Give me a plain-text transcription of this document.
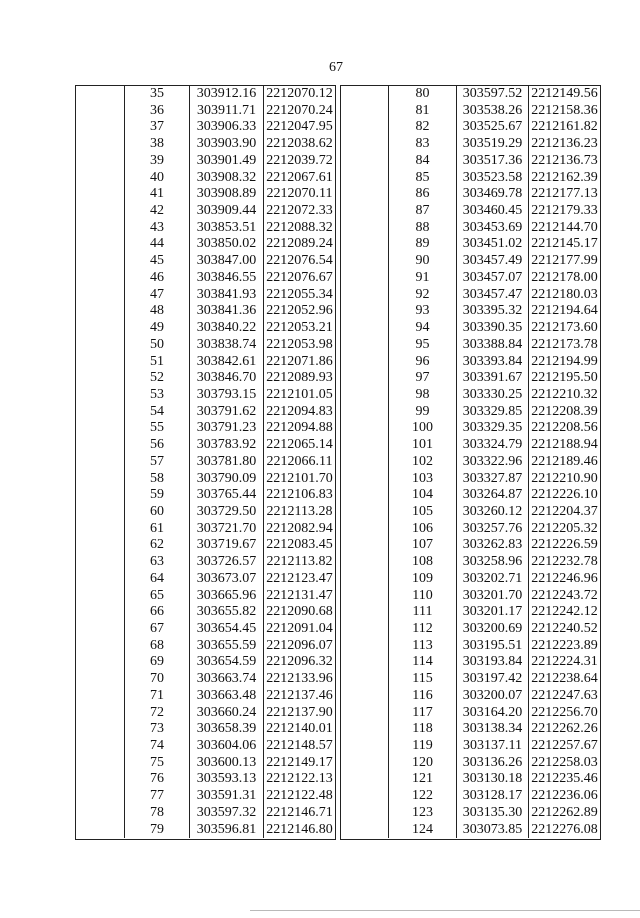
67
35	303912.16 2212070.12
36	303911.71 2212070.24
37	303906.33 2212047.95
38	303903.90 2212038.62
39	303901.49 2212039.72
40	303908.32 2212067.61
41	303908.89 2212070.11
42	303909.44 2212072.33
43	303853.51 2212088.32
44	303850.02 2212089.24
45	303847.00 2212076.54
46	303846.55 2212076.67
47	303841.93 2212055.34
48	303841.36 2212052.96
49	303840.22 2212053.21
50	303838.74 2212053.98
51	303842.61 2212071.86
52	303846.70 2212089.93
53	303793.15 2212101.05
54	303791.62 2212094.83
55	303791.23 2212094.88
56	303783.92 2212065.14
57	303781.80 2212066.11
58	303790.09 2212101.70
59	303765.44 2212106.83
60	303729.50 2212113.28
61	303721.70 2212082.94
62	303719.67 2212083.45
63	303726.57 2212113.82
64	303673.07 2212123.47
65	303665.96 2212131.47
66	303655.82 2212090.68
67	303654.45 2212091.04
68	303655.59 2212096.07
69	303654.59 2212096.32
70	303663.74 2212133.96
71	303663.48 2212137.46
72	303660.24 2212137.90
73	303658.39 2212140.01
74	303604.06 2212148.57
75	303600.13 2212149.17
76	303593.13 2212122.13
77	303591.31 2212122.48
78	303597.32 2212146.71
79	303596.81 2212146.80
80	303597.52 2212149.56
81	303538.26 2212158.36
82	303525.67 2212161.82
83	303519.29 2212136.23
84	303517.36 2212136.73
85	303523.58 2212162.39
86	303469.78 2212177.13
87	303460.45 2212179.33
88	303453.69 2212144.70
89	303451.02 2212145.17
90	303457.49 2212177.99
91	303457.07 2212178.00
92	303457.47 2212180.03
93	303395.32 2212194.64
94	303390.35 2212173.60
95	303388.84 2212173.78
96	303393.84 2212194.99
97	303391.67 2212195.50
98	303330.25 2212210.32
99	303329.85 2212208.39
100	303329.35 2212208.56
101	303324.79 2212188.94
102	303322.96 2212189.46
103	303327.87 2212210.90
104	303264.87 2212226.10
105	303260.12 2212204.37
106	303257.76 2212205.32
107	303262.83 2212226.59
108	303258.96 2212232.78
109	303202.71 2212246.96
110	303201.70 2212243.72
111	303201.17 2212242.12
112	303200.69 2212240.52
113	303195.51 2212223.89
114	303193.84 2212224.31
115	303197.42 2212238.64
116	303200.07 2212247.63
117	303164.20 2212256.70
118	303138.34 2212262.26
119	303137.11 2212257.67
120	303136.26 2212258.03
121	303130.18 2212235.46
122	303128.17 2212236.06
123	303135.30 2212262.89
124	303073.85 2212276.08
